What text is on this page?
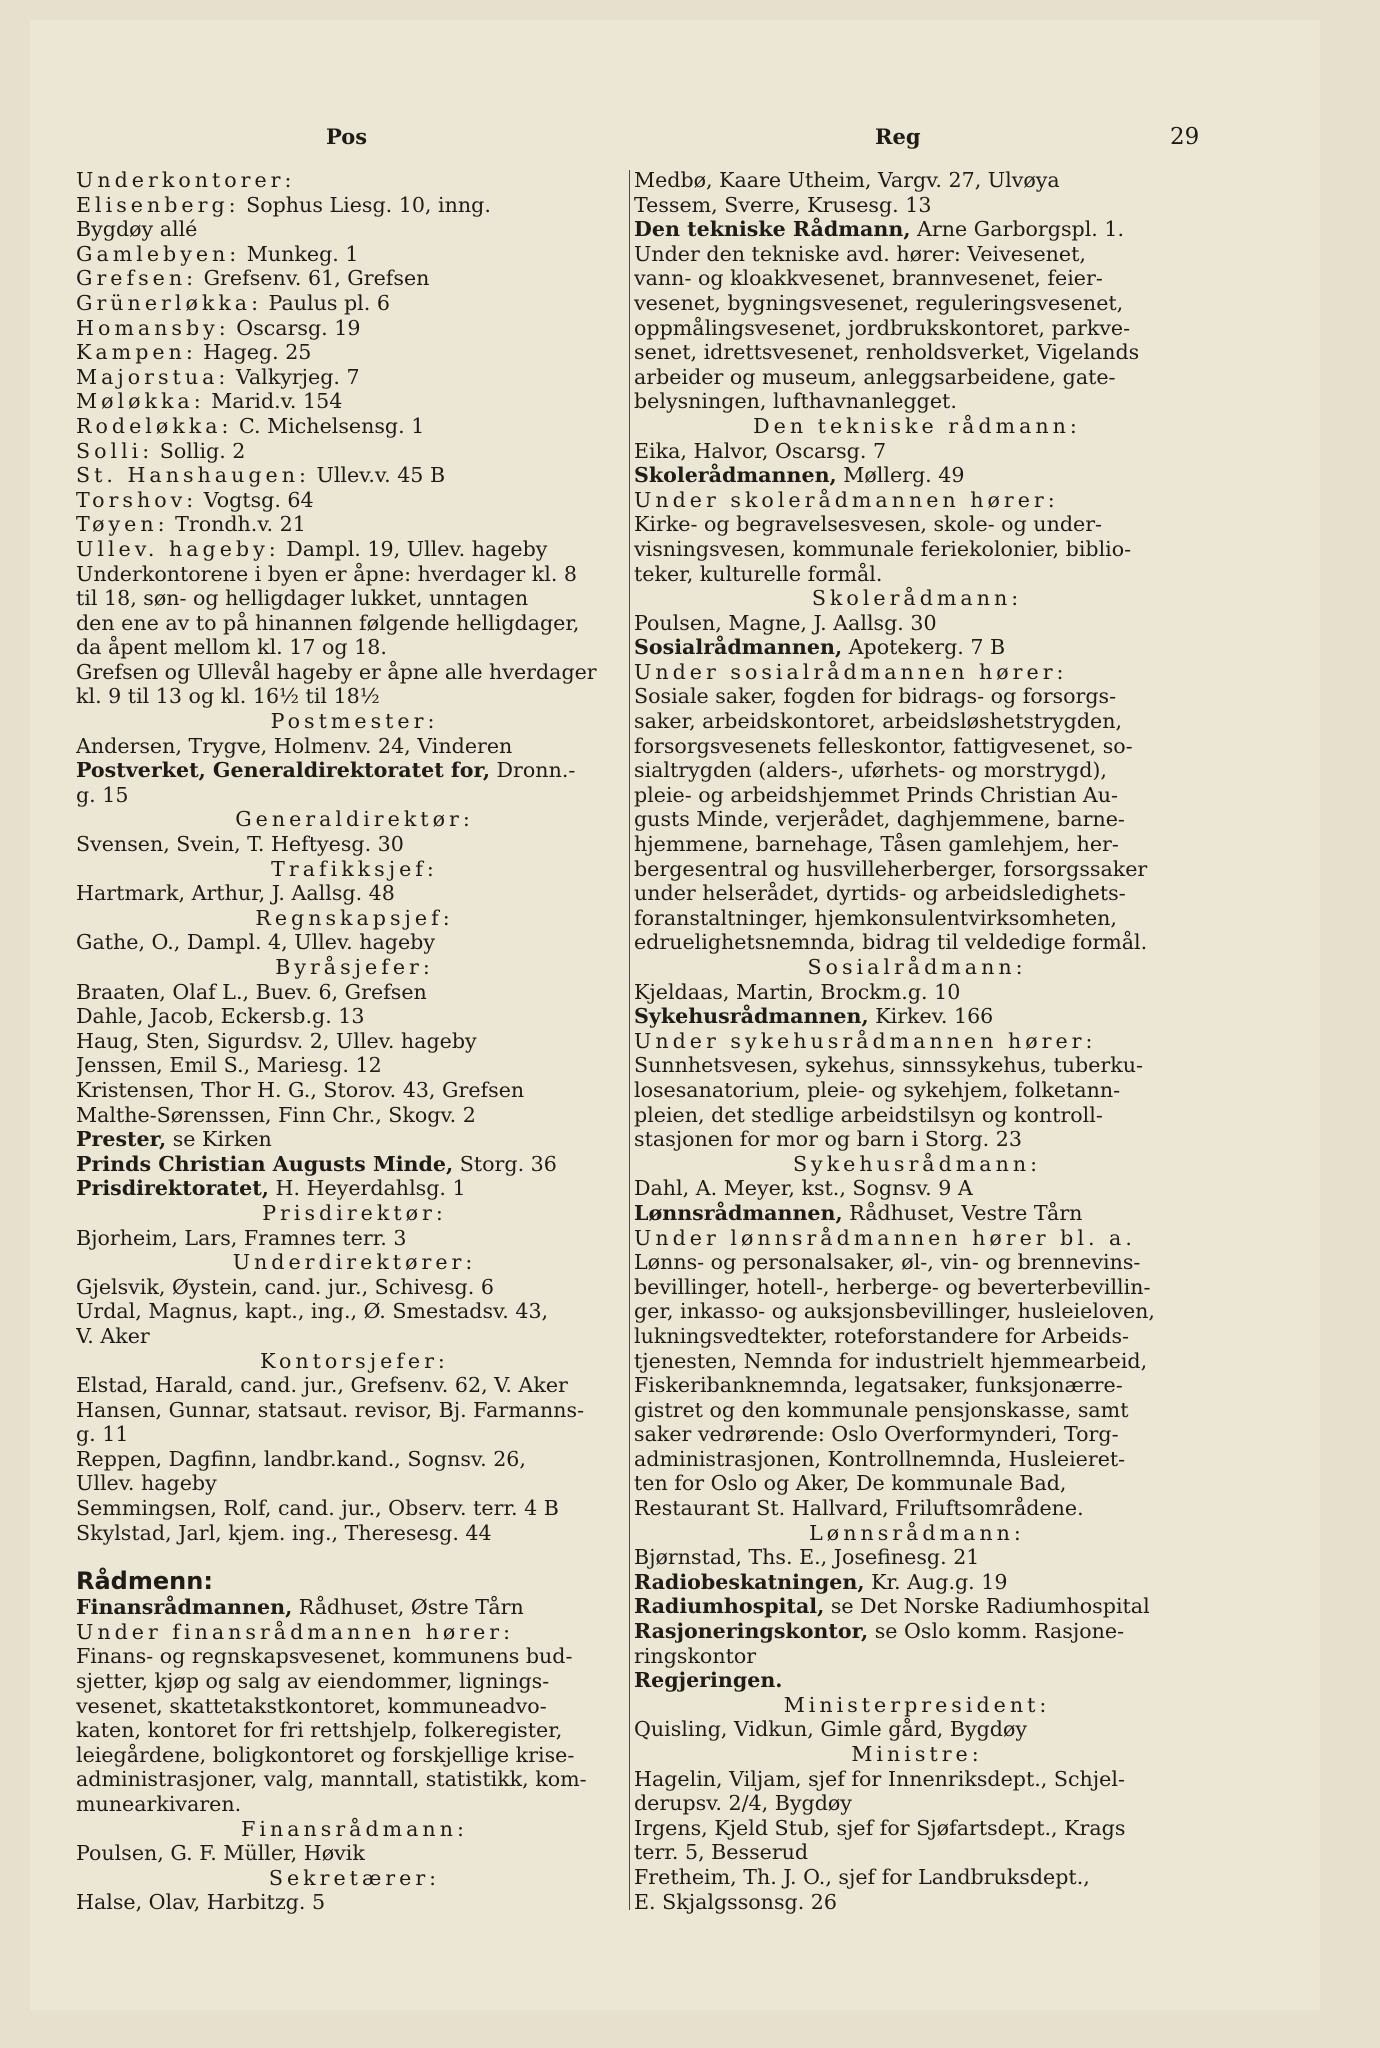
Pos	Reg	29
Underkontorer:
Elisenberg: Sophus Liesg. 10, inng.
Bygdøy allé
Gamlebyen: Munkeg. 1
Grefsen: Grefsenv. 61, Grefsen
Grünerløkka: Paulus pl. 6
Homansby: Oscarsg. 19
Kampen: Hageg. 25
Majorstua: Valkyrjeg. 7
Møløkka: Marid.v. 154
Rodeløkka: C. Michelsensg. 1
Solli: Sollig. 2
St. Hanshaugen: Ullev.v. 45 B
Torshov: Vogtsg. 64
Tøyen: Trondh.v. 21
Ullev. hageby: Dampl. 19, Ullev. hageby
Underkontorene i byen er åpne: hverdager kl. 8
til 18, søn- og helligdager lukket, unntagen
den ene av to på hinannen følgende helligdager,
da åpent mellom kl. 17 og 18.
Grefsen og Ullevål hageby er åpne alle hverdager
kl. 9 til 13 og kl. 16½ til 18½
Postmester:
Andersen, Trygve, Holmenv. 24, Vinderen
Postverket, Generaldirektoratet for, Dronn.-
g. 15
Generaldirektør:
Svensen, Svein, T. Heftyesg. 30
Trafikksjef:
Hartmark, Arthur, J. Aallsg. 48
Regnskapsjef:
Gathe, O., Dampl. 4, Ullev. hageby
Byråsjefer:
Braaten, Olaf L., Buev. 6, Grefsen
Dahle, Jacob, Eckersb.g. 13
Haug, Sten, Sigurdsv. 2, Ullev. hageby
Jenssen, Emil S., Mariesg. 12
Kristensen, Thor H. G., Storov. 43, Grefsen
Malthe-Sørenssen, Finn Chr., Skogv. 2
Prester, se Kirken
Prinds Christian Augusts Minde, Storg. 36
Prisdirektoratet, H. Heyerdahlsg. 1
Prisdirektør:
Bjorheim, Lars, Framnes terr. 3
Underdirektører:
Gjelsvik, Øystein, cand. jur., Schivesg. 6
Urdal, Magnus, kapt., ing., Ø. Smestadsv. 43,
V. Aker
Kontorsjefer:
Elstad, Harald, cand. jur., Grefsenv. 62, V. Aker
Hansen, Gunnar, statsaut. revisor, Bj. Farmanns-
g. 11
Reppen, Dagfinn, landbr.kand., Sognsv. 26,
Ullev. hageby
Semmingsen, Rolf, cand. jur., Observ. terr. 4 B
Skylstad, Jarl, kjem. ing., Theresesg. 44
Rådmenn:
Finansrådmannen, Rådhuset, Østre Tårn
Under finansrådmannen hører:
Finans- og regnskapsvesenet, kommunens bud-
sjetter, kjøp og salg av eiendommer, lignings-
vesenet, skattetakstkontoret, kommuneadvo-
katen, kontoret for fri rettshjelp, folkeregister,
leiegårdene, boligkontoret og forskjellige krise-
administrasjoner, valg, manntall, statistikk, kom-
munearkivaren.
Finansrådmann:
Poulsen, G. F. Müller, Høvik
Sekretærer:
Halse, Olav, Harbitzg. 5
Medbø, Kaare Utheim, Vargv. 27, Ulvøya
Tessem, Sverre, Krusesg. 13
Den tekniske Rådmann, Arne Garborgspl. 1.
Under den tekniske avd. hører: Veivesenet,
vann- og kloakkvesenet, brannvesenet, feier-
vesenet, bygningsvesenet, reguleringsvesenet,
oppmålingsvesenet, jordbrukskontoret, parkve-
senet, idrettsvesenet, renholdsverket, Vigelands
arbeider og museum, anleggsarbeidene, gate-
belysningen, lufthavnanlegget.
Den tekniske rådmann:
Eika, Halvor, Oscarsg. 7
Skolerådmannen, Møllerg. 49
Under skolerådmannen hører:
Kirke- og begravelsesvesen, skole- og under-
visningsvesen, kommunale feriekolonier, biblio-
teker, kulturelle formål.
Skolerådmann:
Poulsen, Magne, J. Aallsg. 30
Sosialrådmannen, Apotekerg. 7 B
Under sosialrådmannen hører:
Sosiale saker, fogden for bidrags- og forsorgs-
saker, arbeidskontoret, arbeidsløshetstrygden,
forsorgsvesenets felleskontor, fattigvesenet, so-
sialtrygden (alders-, uførhets- og morstrygd),
pleie- og arbeidshjemmet Prinds Christian Au-
gusts Minde, verjerådet, daghjemmene, barne-
hjemmene, barnehage, Tåsen gamlehjem, her-
bergesentral og husvilleherberger, forsorgssaker
under helserådet, dyrtids- og arbeidsledighets-
foranstaltninger, hjemkonsulentvirksomheten,
edruelighetsnemnda, bidrag til veldedige formål.
Sosialrådmann:
Kjeldaas, Martin, Brockm.g. 10
Sykehusrådmannen, Kirkev. 166
Under sykehusrådmannen hører:
Sunnhetsvesen, sykehus, sinnssykehus, tuberku-
losesanatorium, pleie- og sykehjem, folketann-
pleien, det stedlige arbeidstilsyn og kontroll-
stasjonen for mor og barn i Storg. 23
Sykehusrådmann:
Dahl, A. Meyer, kst., Sognsv. 9 A
Lønnsrådmannen, Rådhuset, Vestre Tårn
Under lønnsrådmannen hører bl. a.
Lønns- og personalsaker, øl-, vin- og brennevins-
bevillinger, hotell-, herberge- og beverterbevillin-
ger, inkasso- og auksjonsbevillinger, husleieloven,
lukningsvedtekter, roteforstandere for Arbeids-
tjenesten, Nemnda for industrielt hjemmearbeid,
Fiskeribanknemnda, legatsaker, funksjonærre-
gistret og den kommunale pensjonskasse, samt
saker vedrørende: Oslo Overformynderi, Torg-
administrasjonen, Kontrollnemnda, Husleieret-
ten for Oslo og Aker, De kommunale Bad,
Restaurant St. Hallvard, Friluftsområdene.
Lønnsrådmann:
Bjørnstad, Ths. E., Josefinesg. 21
Radiobeskatningen, Kr. Aug.g. 19
Radiumhospital, se Det Norske Radiumhospital
Rasjoneringskontor, se Oslo komm. Rasjone-
ringskontor
Regjeringen.
Ministerpresident:
Quisling, Vidkun, Gimle gård, Bygdøy
Ministre:
Hagelin, Viljam, sjef for Innenriksdept., Schjel-
derupsv. 2/4, Bygdøy
Irgens, Kjeld Stub, sjef for Sjøfartsdept., Krags
terr. 5, Besserud
Fretheim, Th. J. O., sjef for Landbruksdept.,
E. Skjalgssonsg. 26
